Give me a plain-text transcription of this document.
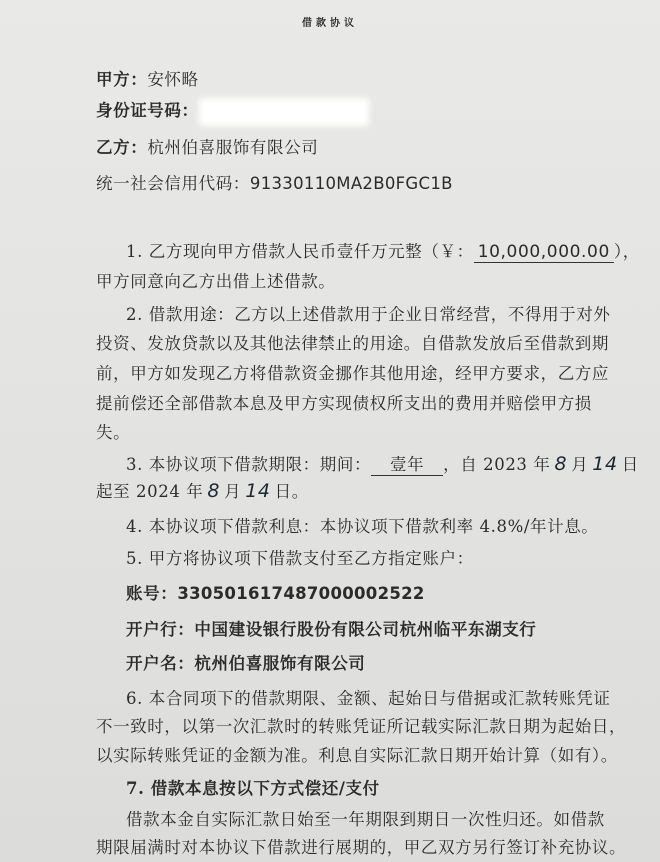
借款协议
甲方：安怀略
身份证号码：
乙方：杭州伯喜服饰有限公司
统一社会信用代码：91330110MA2B0FGC1B
1. 乙方现向甲方借款人民币壹仟万元整（￥： 10,000,000.00 ），
甲方同意向乙方出借上述借款。
2. 借款用途：乙方以上述借款用于企业日常经营，不得用于对外
投资、发放贷款以及其他法律禁止的用途。自借款发放后至借款到期
前，甲方如发现乙方将借款资金挪作其他用途，经甲方要求，乙方应
提前偿还全部借款本息及甲方实现债权所支出的费用并赔偿甲方损
失。
3. 本协议项下借款期限：期间： 壹年 ，自 2023 年 8 月 14 日
起至 2024 年 8 月 14 日。
4. 本协议项下借款利息：本协议项下借款利率 4.8%/年计息。
5. 甲方将协议项下借款支付至乙方指定账户：
账号：330501617487000002522
开户行：中国建设银行股份有限公司杭州临平东湖支行
开户名：杭州伯喜服饰有限公司
6. 本合同项下的借款期限、金额、起始日与借据或汇款转账凭证
不一致时，以第一次汇款时的转账凭证所记载实际汇款日期为起始日，
以实际转账凭证的金额为准。利息自实际汇款日期开始计算（如有）。
7. 借款本息按以下方式偿还/支付
借款本金自实际汇款日始至一年期限到期日一次性归还。如借款
期限届满时对本协议下借款进行展期的，甲乙双方另行签订补充协议。
